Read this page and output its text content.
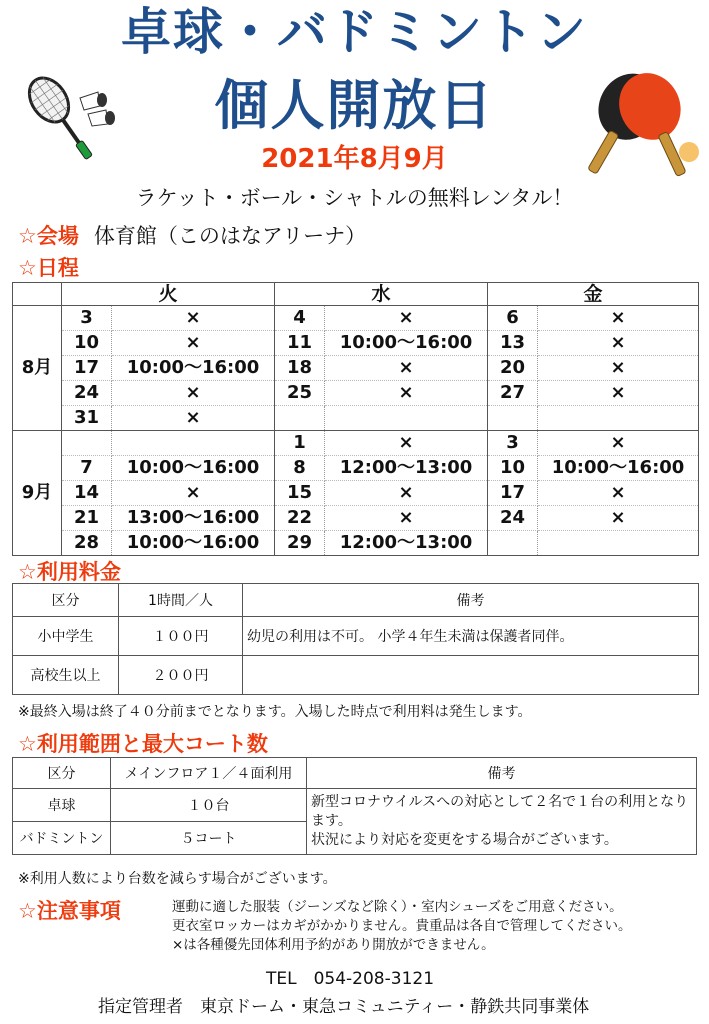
卓球・バドミントン
個人開放日
2021年8月9月
ラケット・ボール・シャトルの無料レンタル！
☆会場 体育館（このはなアリーナ）
☆日程
	火		水		金	
8月	3	×	4	×	6	×
	10	×	11	10:00～16:00	13	×
	17	10:00～16:00	18	×	20	×
	24	×	25	×	27	×
	31	×				
9月			1	×	3	×
	7	10:00～16:00	8	12:00～13:00	10	10:00～16:00
	14	×	15	×	17	×
	21	13:00～16:00	22	×	24	×
	28	10:00～16:00	29	12:00～13:00		
☆利用料金
区分	1時間／人	備考
小中学生	１００円	幼児の利用は不可。 小学４年生未満は保護者同伴。
高校生以上	２００円	
※最終入場は終了４０分前までとなります。入場した時点で利用料は発生します。
☆利用範囲と最大コート数
区分	メインフロア１／４面利用	備考
卓球	１０台	新型コロナウイルスへの対応として２名で１台の利用となります。
状況により対応を変更をする場合がございます。
バドミントン	５コート	
※利用人数により台数を減らす場合がございます。
☆注意事項	運動に適した服装（ジーンズなど除く）・室内シューズをご用意ください。
更衣室ロッカーはカギがかかりません。貴重品は各自で管理してください。
×は各種優先団体利用予約があり開放ができません。
TEL　054-208-3121
指定管理者　東京ドーム・東急コミュニティー・静鉄共同事業体
